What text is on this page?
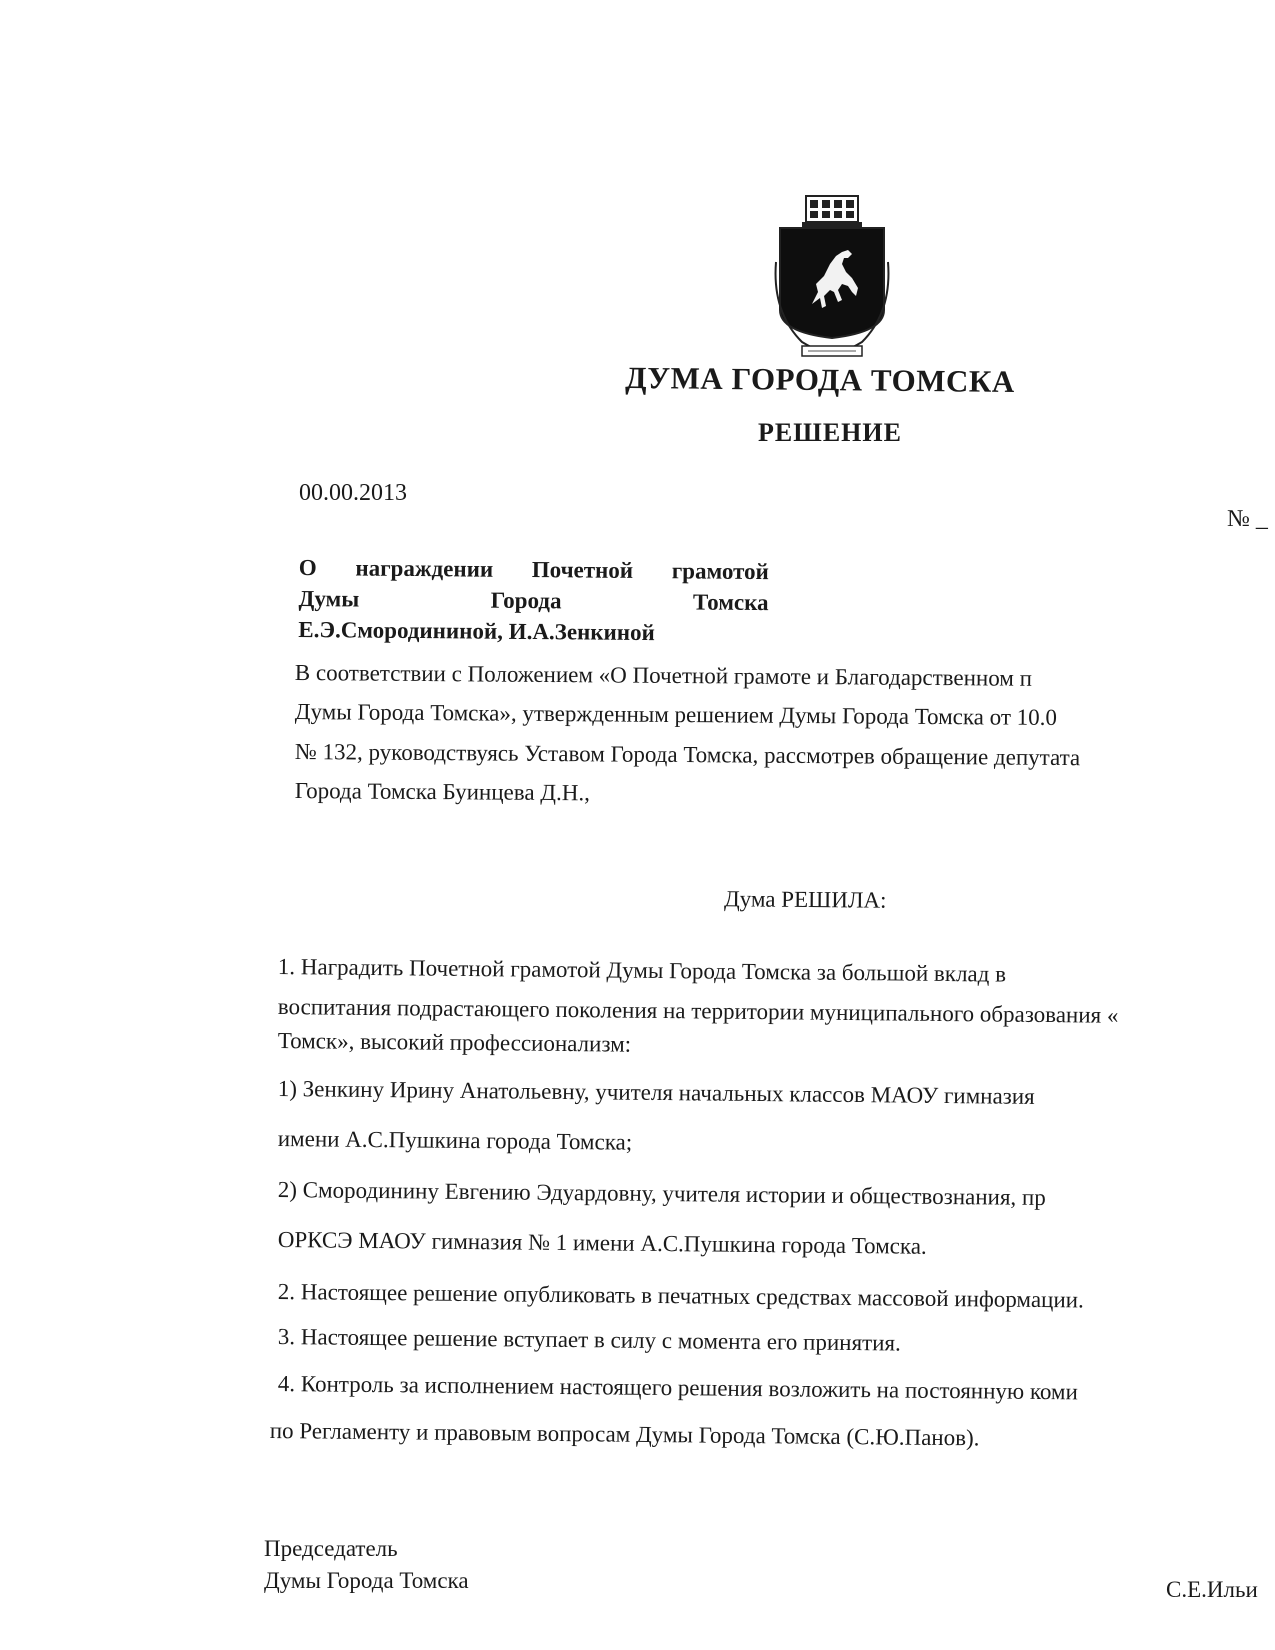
ДУМА ГОРОДА ТОМСКА
РЕШЕНИЕ
00.00.2013
№ _
О награждении Почетной грамотой
Думы	Города	Томска
Е.Э.Смородининой, И.А.Зенкиной
В соответствии с Положением «О Почетной грамоте и Благодарственном п
Думы Города Томска», утвержденным решением Думы Города Томска от 10.0
№ 132, руководствуясь Уставом Города Томска, рассмотрев обращение депутата
Города Томска Буинцева Д.Н.,
Дума РЕШИЛА:
1. Наградить Почетной грамотой Думы Города Томска за большой вклад в
воспитания подрастающего поколения на территории муниципального образования «
Томск», высокий профессионализм:
1) Зенкину Ирину Анатольевну, учителя начальных классов МАОУ гимназия
имени А.С.Пушкина города Томска;
2) Смородинину Евгению Эдуардовну, учителя истории и обществознания, пр
ОРКСЭ МАОУ гимназия № 1 имени А.С.Пушкина города Томска.
2. Настоящее решение опубликовать в печатных средствах массовой информации.
3. Настоящее решение вступает в силу с момента его принятия.
4. Контроль за исполнением настоящего решения возложить на постоянную коми
по Регламенту и правовым вопросам Думы Города Томска (С.Ю.Панов).
Председатель
Думы Города Томска	С.Е.Ильи
